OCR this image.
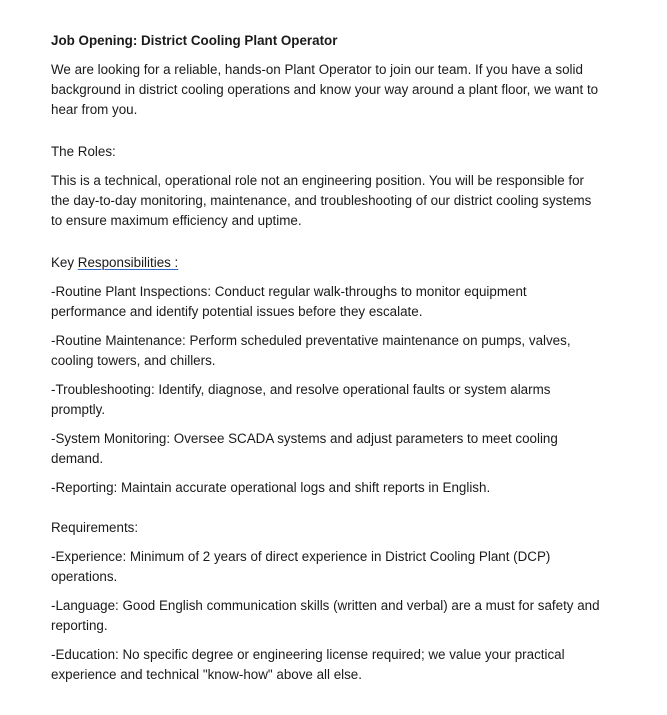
Job Opening: District Cooling Plant Operator

We are looking for a reliable, hands-on Plant Operator to join our team. If you have a solid background in district cooling operations and know your way around a plant floor, we want to hear from you.

The Roles:

This is a technical, operational role not an engineering position. You will be responsible for the day-to-day monitoring, maintenance, and troubleshooting of our district cooling systems to ensure maximum efficiency and uptime.

Key Responsibilities :

-Routine Plant Inspections: Conduct regular walk-throughs to monitor equipment performance and identify potential issues before they escalate.

-Routine Maintenance: Perform scheduled preventative maintenance on pumps, valves, cooling towers, and chillers.

-Troubleshooting: Identify, diagnose, and resolve operational faults or system alarms promptly.

-System Monitoring: Oversee SCADA systems and adjust parameters to meet cooling demand.

-Reporting: Maintain accurate operational logs and shift reports in English.

Requirements:

-Experience: Minimum of 2 years of direct experience in District Cooling Plant (DCP) operations.

-Language: Good English communication skills (written and verbal) are a must for safety and reporting.

-Education: No specific degree or engineering license required; we value your practical experience and technical "know-how" above all else.
